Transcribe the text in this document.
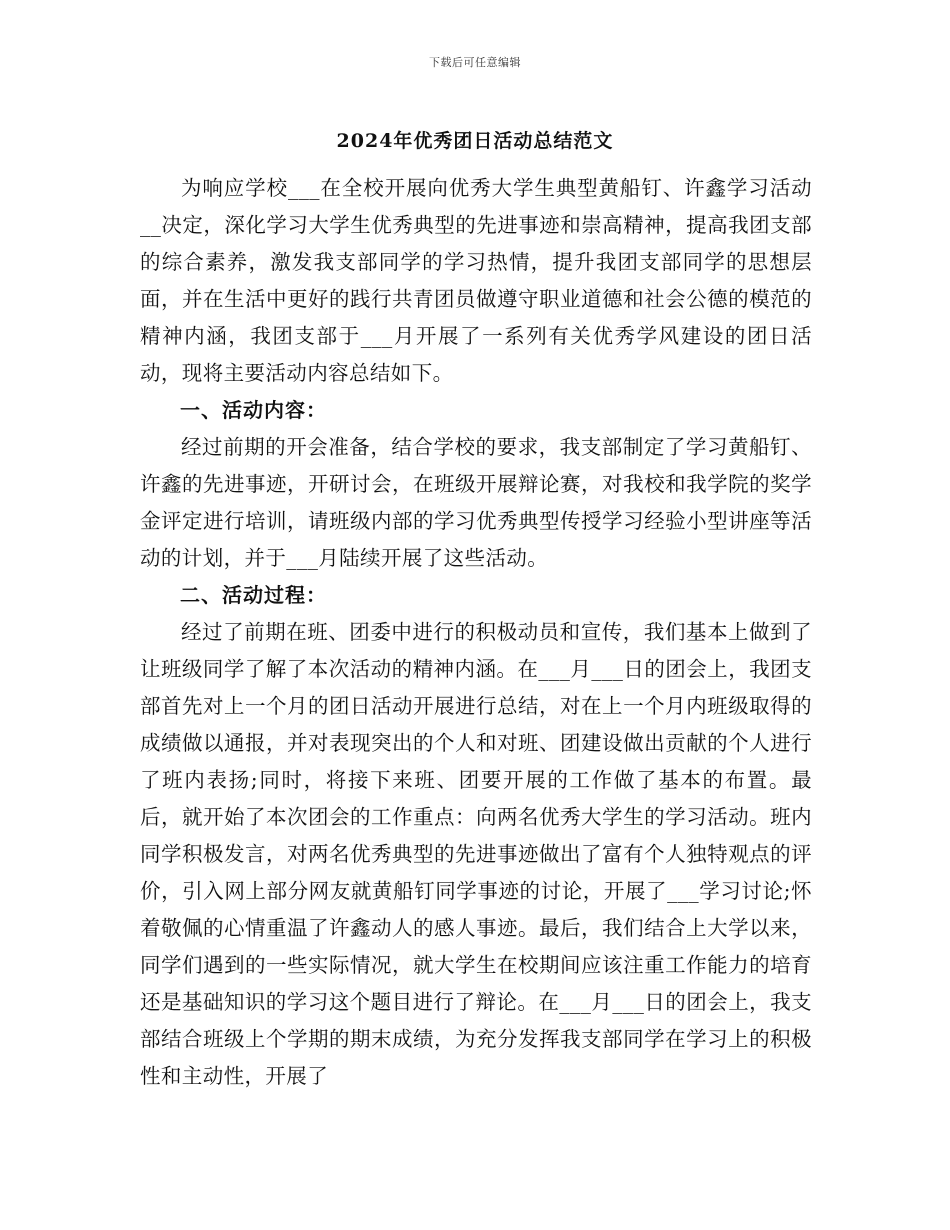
下载后可任意编辑
2024年优秀团日活动总结范文

为响应学校___在全校开展向优秀大学生典型黄船钉、许鑫学习活动__决定，深化学习大学生优秀典型的先进事迹和崇高精神，提高我团支部的综合素养，激发我支部同学的学习热情，提升我团支部同学的思想层面，并在生活中更好的践行共青团员做遵守职业道德和社会公德的模范的精神内涵，我团支部于___月开展了一系列有关优秀学风建设的团日活动，现将主要活动内容总结如下。

一、活动内容：

经过前期的开会准备，结合学校的要求，我支部制定了学习黄船钉、许鑫的先进事迹，开研讨会，在班级开展辩论赛，对我校和我学院的奖学金评定进行培训，请班级内部的学习优秀典型传授学习经验小型讲座等活动的计划，并于___月陆续开展了这些活动。

二、活动过程：

经过了前期在班、团委中进行的积极动员和宣传，我们基本上做到了让班级同学了解了本次活动的精神内涵。在___月___日的团会上，我团支部首先对上一个月的团日活动开展进行总结，对在上一个月内班级取得的成绩做以通报，并对表现突出的个人和对班、团建设做出贡献的个人进行了班内表扬;同时，将接下来班、团要开展的工作做了基本的布置。最后，就开始了本次团会的工作重点：向两名优秀大学生的学习活动。班内同学积极发言，对两名优秀典型的先进事迹做出了富有个人独特观点的评价，引入网上部分网友就黄船钉同学事迹的讨论，开展了___学习讨论;怀着敬佩的心情重温了许鑫动人的感人事迹。最后，我们结合上大学以来，同学们遇到的一些实际情况，就大学生在校期间应该注重工作能力的培育还是基础知识的学习这个题目进行了辩论。在___月___日的团会上，我支部结合班级上个学期的期末成绩，为充分发挥我支部同学在学习上的积极性和主动性，开展了
